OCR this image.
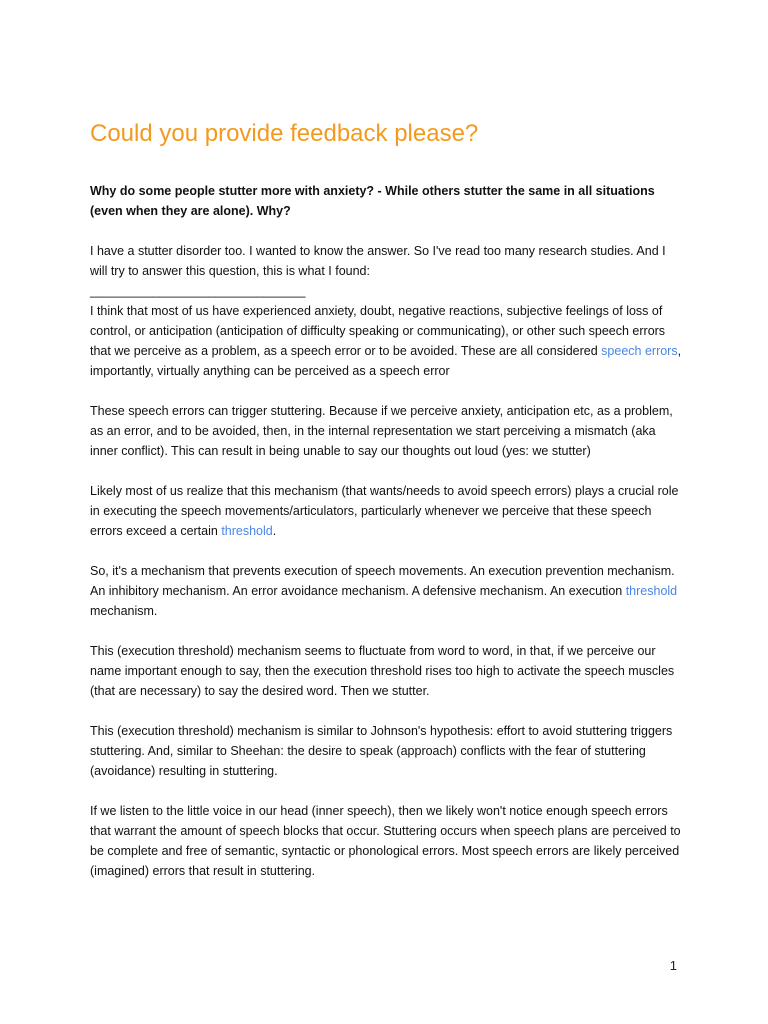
Could you provide feedback please?

Why do some people stutter more with anxiety? - While others stutter the same in all situations (even when they are alone). Why?

I have a stutter disorder too. I wanted to know the answer. So I've read too many research studies. And I will try to answer this question, this is what I found:
_______________________________
I think that most of us have experienced anxiety, doubt, negative reactions, subjective feelings of loss of control, or anticipation (anticipation of difficulty speaking or communicating), or other such speech errors that we perceive as a problem, as a speech error or to be avoided. These are all considered speech errors, importantly, virtually anything can be perceived as a speech error

These speech errors can trigger stuttering. Because if we perceive anxiety, anticipation etc, as a problem, as an error, and to be avoided, then, in the internal representation we start perceiving a mismatch (aka inner conflict). This can result in being unable to say our thoughts out loud (yes: we stutter)

Likely most of us realize that this mechanism (that wants/needs to avoid speech errors) plays a crucial role in executing the speech movements/articulators, particularly whenever we perceive that these speech errors exceed a certain threshold.

So, it's a mechanism that prevents execution of speech movements. An execution prevention mechanism. An inhibitory mechanism. An error avoidance mechanism. A defensive mechanism. An execution threshold mechanism.

This (execution threshold) mechanism seems to fluctuate from word to word, in that, if we perceive our name important enough to say, then the execution threshold rises too high to activate the speech muscles (that are necessary) to say the desired word. Then we stutter.

This (execution threshold) mechanism is similar to Johnson's hypothesis: effort to avoid stuttering triggers stuttering. And, similar to Sheehan: the desire to speak (approach) conflicts with the fear of stuttering (avoidance) resulting in stuttering.

If we listen to the little voice in our head (inner speech), then we likely won't notice enough speech errors that warrant the amount of speech blocks that occur. Stuttering occurs when speech plans are perceived to be complete and free of semantic, syntactic or phonological errors. Most speech errors are likely perceived (imagined) errors that result in stuttering.

1
